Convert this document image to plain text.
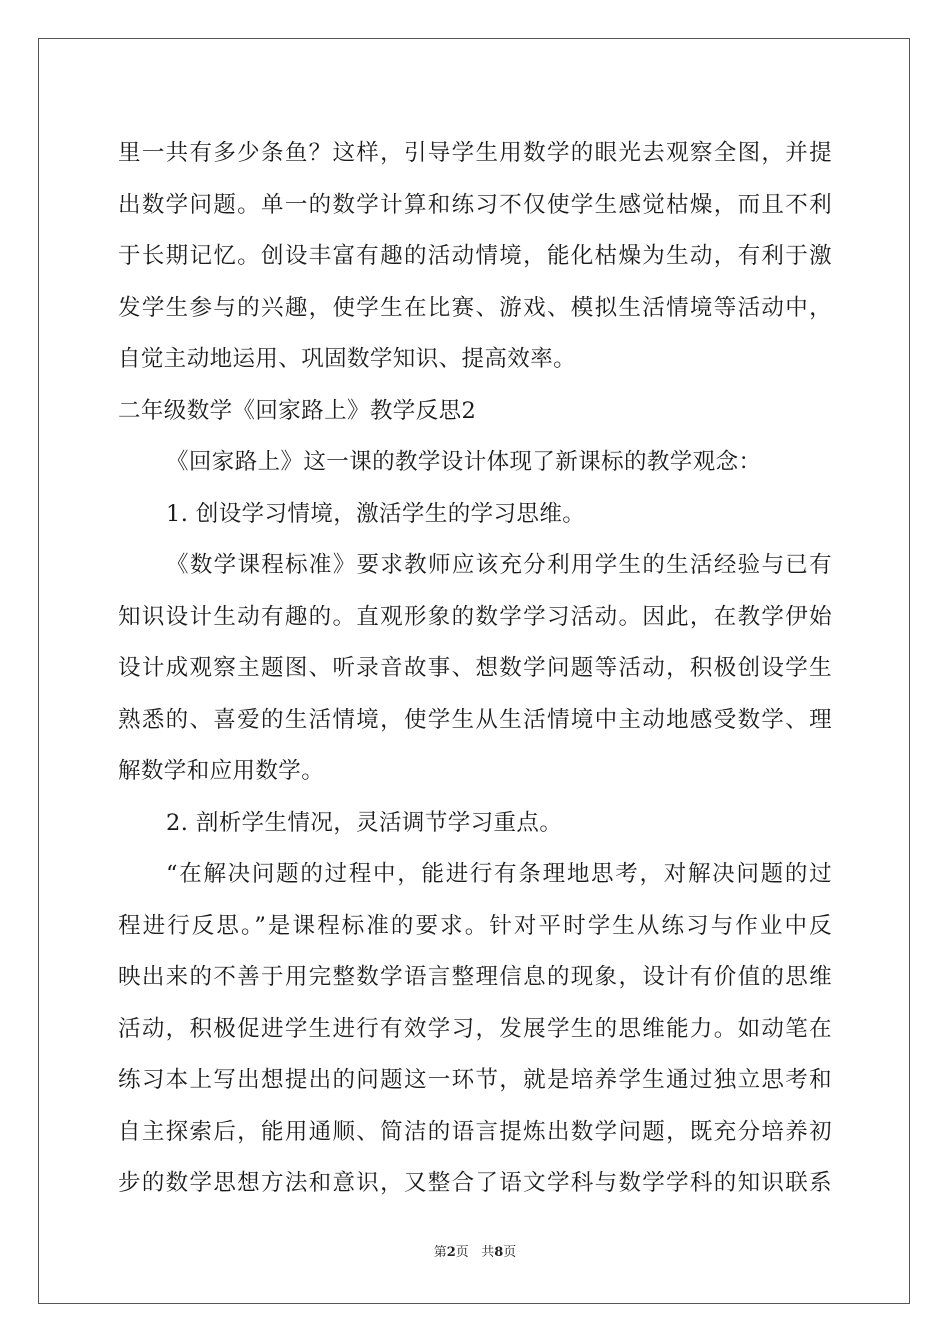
里一共有多少条鱼？这样，引导学生用数学的眼光去观察全图，并提
出数学问题。单一的数学计算和练习不仅使学生感觉枯燥，而且不利
于长期记忆。创设丰富有趣的活动情境，能化枯燥为生动，有利于激
发学生参与的兴趣，使学生在比赛、游戏、模拟生活情境等活动中，
自觉主动地运用、巩固数学知识、提高效率。
二年级数学《回家路上》教学反思2
《回家路上》这一课的教学设计体现了新课标的教学观念：
1. 创设学习情境，激活学生的学习思维。
《数学课程标准》要求教师应该充分利用学生的生活经验与已有
知识设计生动有趣的。直观形象的数学学习活动。因此，在教学伊始
设计成观察主题图、听录音故事、想数学问题等活动，积极创设学生
熟悉的、喜爱的生活情境，使学生从生活情境中主动地感受数学、理
解数学和应用数学。
2. 剖析学生情况，灵活调节学习重点。
“在解决问题的过程中，能进行有条理地思考，对解决问题的过
程进行反思。”是课程标准的要求。针对平时学生从练习与作业中反
映出来的不善于用完整数学语言整理信息的现象，设计有价值的思维
活动，积极促进学生进行有效学习，发展学生的思维能力。如动笔在
练习本上写出想提出的问题这一环节，就是培养学生通过独立思考和
自主探索后，能用通顺、简洁的语言提炼出数学问题，既充分培养初
步的数学思想方法和意识，又整合了语文学科与数学学科的知识联系
第2页 共8页
